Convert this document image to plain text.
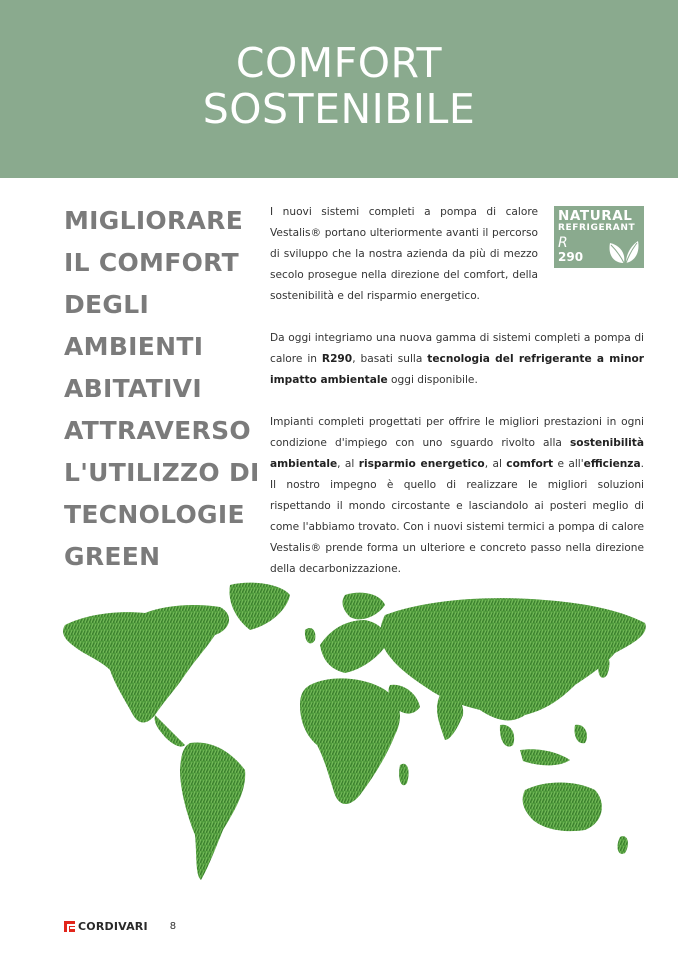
COMFORT
SOSTENIBILE
MIGLIORARE
IL COMFORT
DEGLI
AMBIENTI
ABITATIVI
ATTRAVERSO
L'UTILIZZO DI
TECNOLOGIE
GREEN
NATURAL
REFRIGERANT
R
290

I nuovi sistemi completi a pompa di calore Vestalis® portano ulteriormente avanti il percorso di sviluppo che la nostra azienda da più di mezzo secolo prosegue nella direzione del comfort, della sostenibilità e del risparmio energetico.

Da oggi integriamo una nuova gamma di sistemi completi a pompa di calore in R290, basati sulla tecnologia del refrigerante a minor impatto ambientale oggi disponibile.

Impianti completi progettati per offrire le migliori prestazioni in ogni condizione d'impiego con uno sguardo rivolto alla sostenibilità ambientale, al risparmio energetico, al comfort e all'efficienza. Il nostro impegno è quello di realizzare le migliori soluzioni rispettando il mondo circostante e lasciandolo ai posteri meglio di come l'abbiamo trovato. Con i nuovi sistemi termici a pompa di calore Vestalis® prende forma un ulteriore e concreto passo nella direzione della decarbonizzazione.

CORDIVARI 8
